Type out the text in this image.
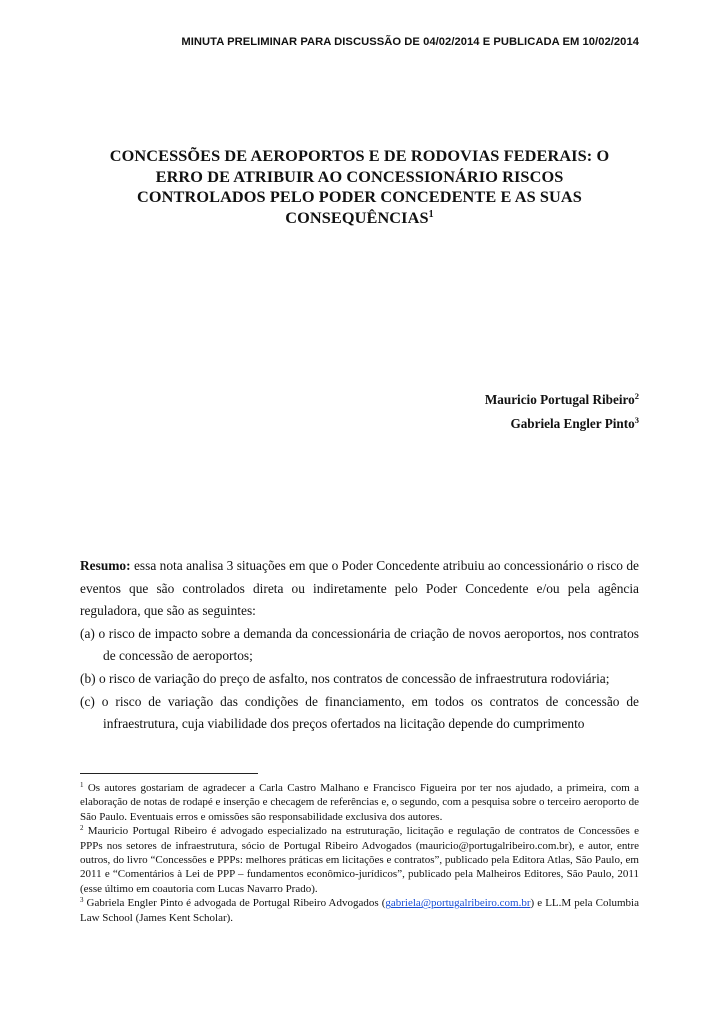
MINUTA PRELIMINAR PARA DISCUSSÃO DE 04/02/2014 E PUBLICADA EM 10/02/2014
CONCESSÕES DE AEROPORTOS E DE RODOVIAS FEDERAIS: O
ERRO DE ATRIBUIR AO CONCESSIONÁRIO RISCOS
CONTROLADOS PELO PODER CONCEDENTE E AS SUAS
CONSEQUÊNCIAS$^1$
Mauricio Portugal Ribeiro$^2$
Gabriela Engler Pinto$^3$

Resumo: essa nota analisa 3 situações em que o Poder Concedente atribuiu ao concessionário o risco de eventos que são controlados direta ou indiretamente pelo Poder Concedente e/ou pela agência reguladora, que são as seguintes:

(a) o risco de impacto sobre a demanda da concessionária de criação de novos aeroportos, nos contratos de concessão de aeroportos;

(b) o risco de variação do preço de asfalto, nos contratos de concessão de infraestrutura rodoviária;

(c) o risco de variação das condições de financiamento, em todos os contratos de concessão de infraestrutura, cuja viabilidade dos preços ofertados na licitação depende do cumprimento

$^1$ Os autores gostariam de agradecer a Carla Castro Malhano e Francisco Figueira por ter nos ajudado, a primeira, com a elaboração de notas de rodapé e inserção e checagem de referências e, o segundo, com a pesquisa sobre o terceiro aeroporto de São Paulo. Eventuais erros e omissões são responsabilidade exclusiva dos autores.

$^2$ Mauricio Portugal Ribeiro é advogado especializado na estruturação, licitação e regulação de contratos de Concessões e PPPs nos setores de infraestrutura, sócio de Portugal Ribeiro Advogados (mauricio@portugalribeiro.com.br), e autor, entre outros, do livro “Concessões e PPPs: melhores práticas em licitações e contratos”, publicado pela Editora Atlas, São Paulo, em 2011 e “Comentários à Lei de PPP – fundamentos econômico-jurídicos”, publicado pela Malheiros Editores, São Paulo, 2011 (esse último em coautoria com Lucas Navarro Prado).

$^3$ Gabriela Engler Pinto é advogada de Portugal Ribeiro Advogados (gabriela@portugalribeiro.com.br) e LL.M pela Columbia Law School (James Kent Scholar).
